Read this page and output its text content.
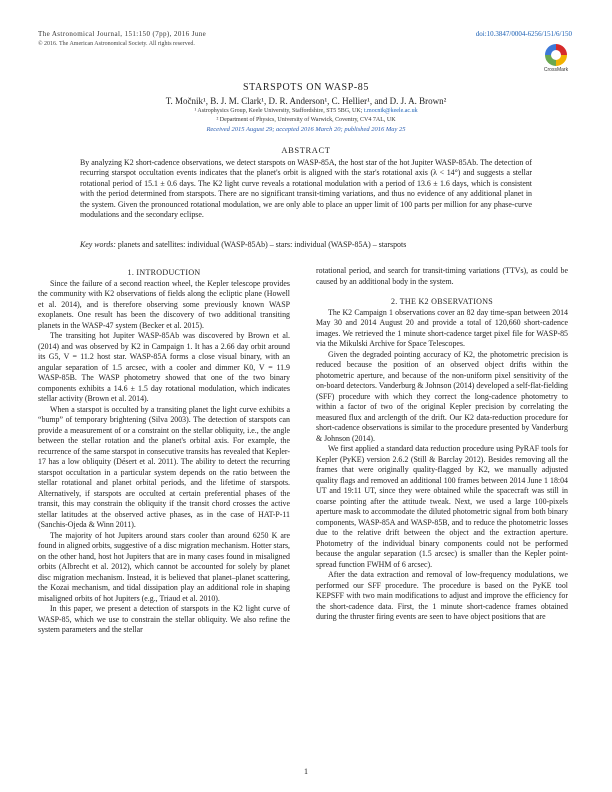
The Astronomical Journal, 151:150 (7pp), 2016 June
© 2016. The American Astronomical Society. All rights reserved.
doi:10.3847/0004-6256/151/6/150
CrossMark
STARSPOTS ON WASP-85
T. Močnik¹, B. J. M. Clark¹, D. R. Anderson¹, C. Hellier¹, and D. J. A. Brown²
¹ Astrophysics Group, Keele University, Staffordshire, ST5 5BG, UK; t.mocnik@keele.ac.uk
² Department of Physics, University of Warwick, Coventry, CV4 7AL, UK
Received 2015 August 29; accepted 2016 March 20; published 2016 May 25
ABSTRACT
By analyzing K2 short-cadence observations, we detect starspots on WASP-85A, the host star of the hot Jupiter WASP-85Ab. The detection of recurring starspot occultation events indicates that the planet's orbit is aligned with the star's rotational axis (λ < 14°) and suggests a stellar rotational period of 15.1 ± 0.6 days. The K2 light curve reveals a rotational modulation with a period of 13.6 ± 1.6 days, which is consistent with the period determined from starspots. There are no significant transit-timing variations, and thus no evidence of any additional planet in the system. Given the pronounced rotational modulation, we are only able to place an upper limit of 100 parts per million for any phase-curve modulations and the secondary eclipse.
Key words: planets and satellites: individual (WASP-85Ab) – stars: individual (WASP-85A) – starspots

1. INTRODUCTION

Since the failure of a second reaction wheel, the Kepler telescope provides the community with K2 observations of fields along the ecliptic plane (Howell et al. 2014), and is therefore observing some previously known WASP exoplanets. One result has been the discovery of two additional transiting planets in the WASP-47 system (Becker et al. 2015).

The transiting hot Jupiter WASP-85Ab was discovered by Brown et al. (2014) and was observed by K2 in Campaign 1. It has a 2.66 day orbit around its G5, V = 11.2 host star. WASP-85A forms a close visual binary, with an angular separation of 1.5 arcsec, with a cooler and dimmer K0, V = 11.9 WASP-85B. The WASP photometry showed that one of the two binary components exhibits a 14.6 ± 1.5 day rotational modulation, which indicates stellar activity (Brown et al. 2014).

When a starspot is occulted by a transiting planet the light curve exhibits a “bump” of temporary brightening (Silva 2003). The detection of starspots can provide a measurement of or a constraint on the stellar obliquity, i.e., the angle between the stellar rotation and the planet's orbital axis. For example, the recurrence of the same starspot in consecutive transits has revealed that Kepler-17 has a low obliquity (Désert et al. 2011). The ability to detect the recurring starspot occultation in a particular system depends on the ratio between the stellar rotational and planet orbital periods, and the lifetime of starspots. Alternatively, if starspots are occulted at certain preferential phases of the transit, this may constrain the obliquity if the transit chord crosses the active stellar latitudes at the observed active phases, as in the case of HAT-P-11 (Sanchis-Ojeda & Winn 2011).

The majority of hot Jupiters around stars cooler than around 6250 K are found in aligned orbits, suggestive of a disc migration mechanism. Hotter stars, on the other hand, host hot Jupiters that are in many cases found in misaligned orbits (Albrecht et al. 2012), which cannot be accounted for solely by planet disc migration mechanism. Instead, it is believed that planet–planet scattering, the Kozai mechanism, and tidal dissipation play an additional role in shaping misaligned orbits of hot Jupiters (e.g., Triaud et al. 2010).

In this paper, we present a detection of starspots in the K2 light curve of WASP-85, which we use to constrain the stellar obliquity. We also refine the system parameters and the stellar

rotational period, and search for transit-timing variations (TTVs), as could be caused by an additional body in the system.

2. THE K2 OBSERVATIONS

The K2 Campaign 1 observations cover an 82 day time-span between 2014 May 30 and 2014 August 20 and provide a total of 120,660 short-cadence images. We retrieved the 1 minute short-cadence target pixel file for WASP-85 via the Mikulski Archive for Space Telescopes.

Given the degraded pointing accuracy of K2, the photometric precision is reduced because the position of an observed object drifts within the photometric aperture, and because of the non-uniform pixel sensitivity of the on-board detectors. Vanderburg & Johnson (2014) developed a self-flat-fielding (SFF) procedure with which they correct the long-cadence photometry to within a factor of two of the original Kepler precision by correlating the measured flux and arclength of the drift. Our K2 data-reduction procedure for short-cadence observations is similar to the procedure presented by Vanderburg & Johnson (2014).

We first applied a standard data reduction procedure using PyRAF tools for Kepler (PyKE) version 2.6.2 (Still & Barclay 2012). Besides removing all the frames that were originally quality-flagged by K2, we manually adjusted quality flags and removed an additional 100 frames between 2014 June 1 18:04 UT and 19:11 UT, since they were obtained while the spacecraft was still in coarse pointing after the attitude tweak. Next, we used a large 100-pixels aperture mask to accommodate the diluted photometric signal from both binary components, WASP-85A and WASP-85B, and to reduce the photometric losses due to the relative drift between the object and the extraction aperture. Photometry of the individual binary components could not be performed because the angular separation (1.5 arcsec) is smaller than the Kepler point-spread function FWHM of 6 arcsec).

After the data extraction and removal of low-frequency modulations, we performed our SFF procedure. The procedure is based on the PyKE tool KEPSFF with two main modifications to adjust and improve the efficiency for the short-cadence data. First, the 1 minute short-cadence frames obtained during the thruster firing events are seen to have object positions that are

1
